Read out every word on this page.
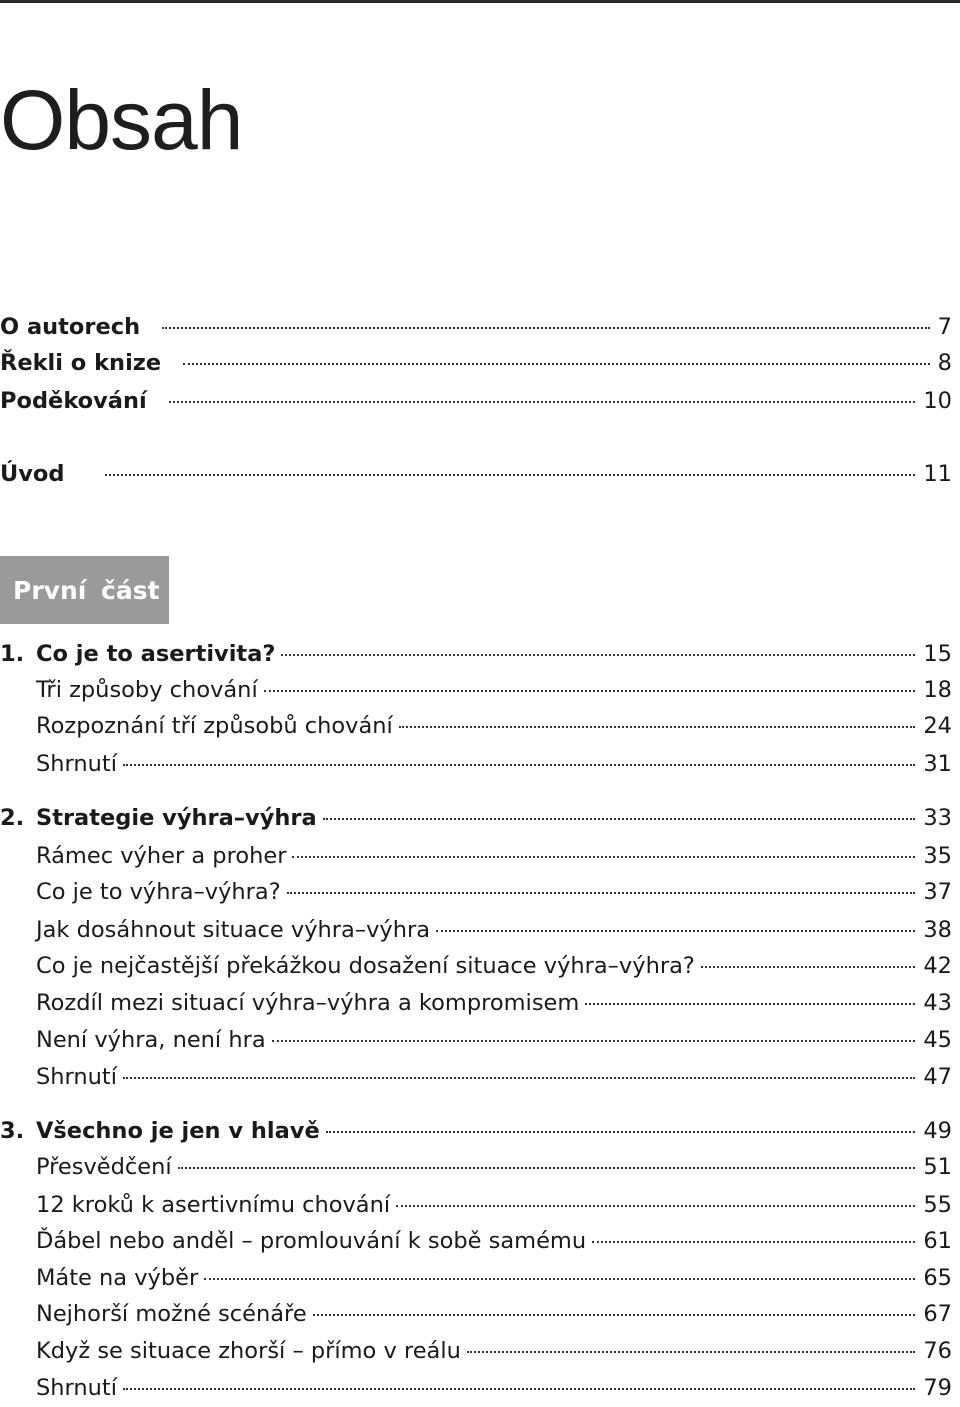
Obsah
O autorech	7
Řekli o knize	8
Poděkování	10
Úvod	11
První část
1. Co je to asertivita?	15
Tři způsoby chování	18
Rozpoznání tří způsobů chování	24
Shrnutí	31
2. Strategie výhra–výhra	33
Rámec výher a proher	35
Co je to výhra–výhra?	37
Jak dosáhnout situace výhra–výhra	38
Co je nejčastější překážkou dosažení situace výhra–výhra?	42
Rozdíl mezi situací výhra–výhra a kompromisem	43
Není výhra, není hra	45
Shrnutí	47
3. Všechno je jen v hlavě	49
Přesvědčení	51
12 kroků k asertivnímu chování	55
Ďábel nebo anděl – promlouvání k sobě samému	61
Máte na výběr	65
Nejhorší možné scénáře	67
Když se situace zhorší – přímo v reálu	76
Shrnutí	79
